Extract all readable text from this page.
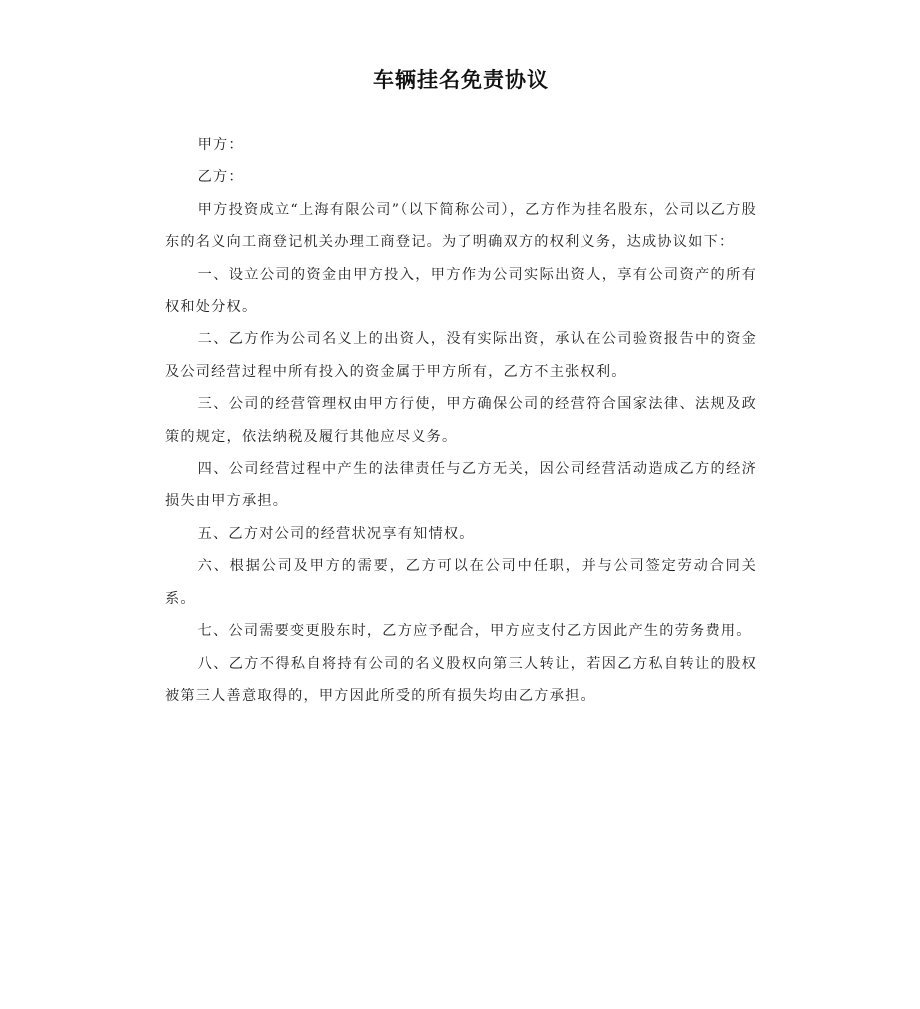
车辆挂名免责协议

甲方：

乙方：

甲方投资成立“上海有限公司”（以下简称公司），乙方作为挂名股东，公司以乙方股东的名义向工商登记机关办理工商登记。为了明确双方的权利义务，达成协议如下：

一、设立公司的资金由甲方投入，甲方作为公司实际出资人，享有公司资产的所有权和处分权。

二、乙方作为公司名义上的出资人，没有实际出资，承认在公司验资报告中的资金及公司经营过程中所有投入的资金属于甲方所有，乙方不主张权利。

三、公司的经营管理权由甲方行使，甲方确保公司的经营符合国家法律、法规及政策的规定，依法纳税及履行其他应尽义务。

四、公司经营过程中产生的法律责任与乙方无关，因公司经营活动造成乙方的经济损失由甲方承担。

五、乙方对公司的经营状况享有知情权。

六、根据公司及甲方的需要，乙方可以在公司中任职，并与公司签定劳动合同关系。

七、公司需要变更股东时，乙方应予配合，甲方应支付乙方因此产生的劳务费用。

八、乙方不得私自将持有公司的名义股权向第三人转让，若因乙方私自转让的股权被第三人善意取得的，甲方因此所受的所有损失均由乙方承担。
